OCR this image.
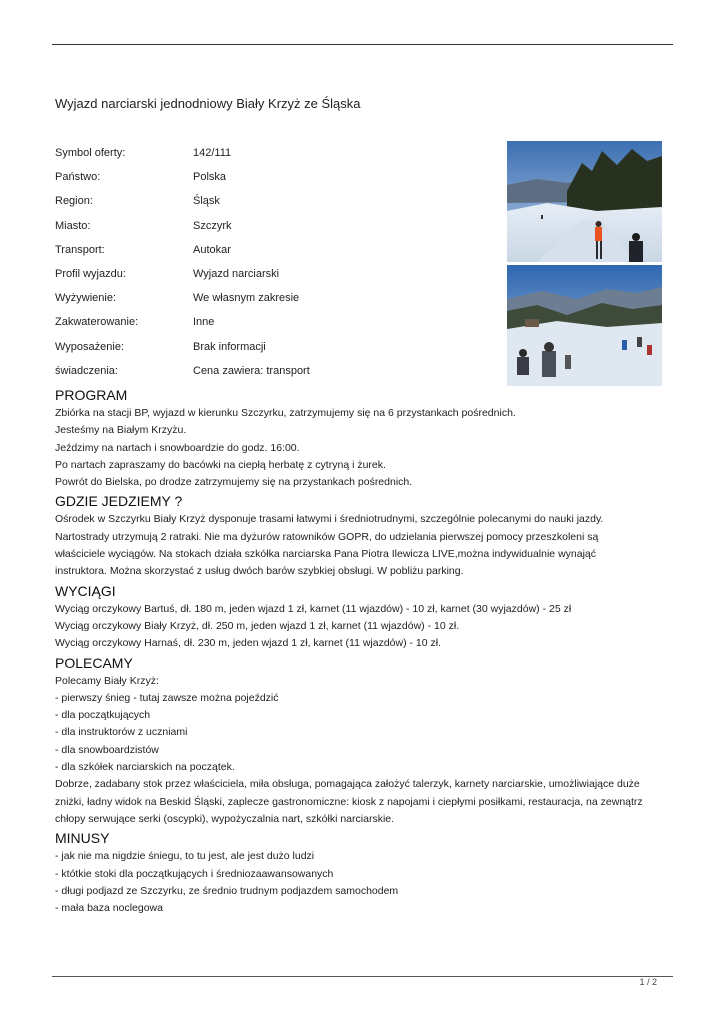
Wyjazd narciarski jednodniowy Biały Krzyż ze Śląska
Symbol oferty:	142/111
Państwo:	Polska
Region:	Śląsk
Miasto:	Szczyrk
Transport:	Autokar
Profil wyjazdu:	Wyjazd narciarski
Wyżywienie:	We własnym zakresie
Zakwaterowanie:	Inne
Wyposażenie:	Brak informacji
świadczenia:	Cena zawiera: transport
PROGRAM
Zbiórka na stacji BP, wyjazd w kierunku Szczyrku, zatrzymujemy się na 6 przystankach pośrednich.
Jesteśmy na Białym Krzyżu.
Jeździmy na nartach i snowboardzie do godz. 16:00.
Po nartach zapraszamy do bacówki na ciepłą herbatę z cytryną i żurek.
Powrót do Bielska, po drodze zatrzymujemy się na przystankach pośrednich.
GDZIE JEDZIEMY ?
Ośrodek w Szczyrku Biały Krzyż dysponuje trasami łatwymi i średniotrudnymi, szczególnie polecanymi do nauki jazdy.
Nartostrady utrzymują 2 ratraki. Nie ma dyżurów ratowników GOPR, do udzielania pierwszej pomocy przeszkoleni są
właściciele wyciągów. Na stokach działa szkółka narciarska Pana Piotra Ilewicza LIVE,można indywidualnie wynająć
instruktora. Można skorzystać z usług dwóch barów szybkiej obsługi. W pobliżu parking.
WYCIĄGI
Wyciąg orczykowy Bartuś, dł. 180 m, jeden wjazd 1 zł, karnet (11 wjazdów) - 10 zł, karnet (30 wyjazdów) - 25 zł
Wyciąg orczykowy Biały Krzyż, dł. 250 m, jeden wjazd 1 zł, karnet (11 wjazdów) - 10 zł.
Wyciąg orczykowy Harnaś, dł. 230 m, jeden wjazd 1 zł, karnet (11 wjazdów) - 10 zł.
POLECAMY
Polecamy Biały Krzyż:
- pierwszy śnieg - tutaj zawsze można pojeździć
- dla początkujących
- dla instruktorów z uczniami
- dla snowboardzistów
- dla szkółek narciarskich na początek.
Dobrze, zadabany stok przez właściciela, miła obsługa, pomagająca założyć talerzyk, karnety narciarskie, umożliwiające duże
zniżki, ładny widok na Beskid Śląski, zaplecze gastronomiczne: kiosk z napojami i ciepłymi posiłkami, restauracja, na zewnątrz
chłopy serwujące serki (oscypki), wypożyczalnia nart, szkółki narciarskie.
MINUSY
- jak nie ma nigdzie śniegu, to tu jest, ale jest dużo ludzi
- któtkie stoki dla początkujących i średniozaawansowanych
- długi podjazd ze Szczyrku, ze średnio trudnym podjazdem samochodem
- mała baza noclegowa
1 / 2
